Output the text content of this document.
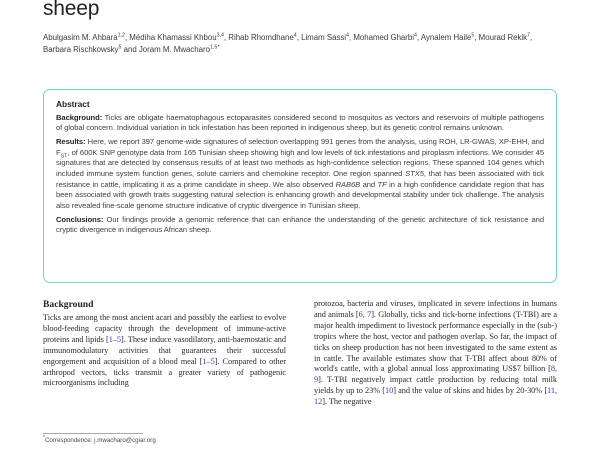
sheep
Abulgasim M. Ahbara$^{1,2}$, Médiha Khamassi Khbou$^{3,4}$, Rihab Rhomdhane$^4$, Limam Sassi$^4$, Mohamed Gharbi$^4$, Aynalem Haile$^5$, Mourad Rekik$^7$, Barbara Rischkowsky$^5$ and Joram M. Mwacharo$^{1,5*}$
Abstract
Background: Ticks are obligate haematophagous ectoparasites considered second to mosquitos as vectors and reservoirs of multiple pathogens of global concern. Individual variation in tick infestation has been reported in indigenous sheep, but its genetic control remains unknown.
Results: Here, we report 397 genome-wide signatures of selection overlapping 991 genes from the analysis, using ROH, LR-GWAS, XP-EHH, and $F_{ST}$, of 600K SNP genotype data from 165 Tunisian sheep showing high and low levels of tick infestations and piroplasm infections. We consider 45 signatures that are detected by consensus results of at least two methods as high-confidence selection regions. These spanned 104 genes which included immune system function genes, solute carriers and chemokine receptor. One region spanned STX5, that has been associated with tick resistance in cattle, implicating it as a prime candidate in sheep. We also observed RAB6B and TF in a high confidence candidate region that has been associated with growth traits suggesting natural selection is enhancing growth and developmental stability under tick challenge. The analysis also revealed fine-scale genome structure indicative of cryptic divergence in Tunisian sheep.
Conclusions: Our findings provide a genomic reference that can enhance the understanding of the genetic architecture of tick resistance and cryptic divergence in indigenous African sheep.
Background

Ticks are among the most ancient acari and possibly the earliest to evolve blood-feeding capacity through the development of immune-active proteins and lipids [1–5]. These induce vasodilatory, anti-haemostatic and immunomodulatory activities that guarantees their successful engorgement and acquisition of a blood meal [1–5]. Compared to other arthropod vectors, ticks transmit a greater variety of pathogenic microorganisms including

protozoa, bacteria and viruses, implicated in severe infections in humans and animals [6, 7]. Globally, ticks and tick-borne infections (T-TBI) are a major health impediment to livestock performance especially in the (sub-) tropics where the host, vector and pathogen overlap. So far, the impact of ticks on sheep production has not been investigated to the same extent as in cattle. The available estimates show that T-TBI affect about 80% of world's cattle, with a global annual loss approximating US$7 billion [8, 9]. T-TBI negatively impact cattle production by reducing total milk yields by up to 23% [10] and the value of skins and hides by 20-30% [11, 12]. The negative

*Correspondence: j.mwacharo@cgiar.org
